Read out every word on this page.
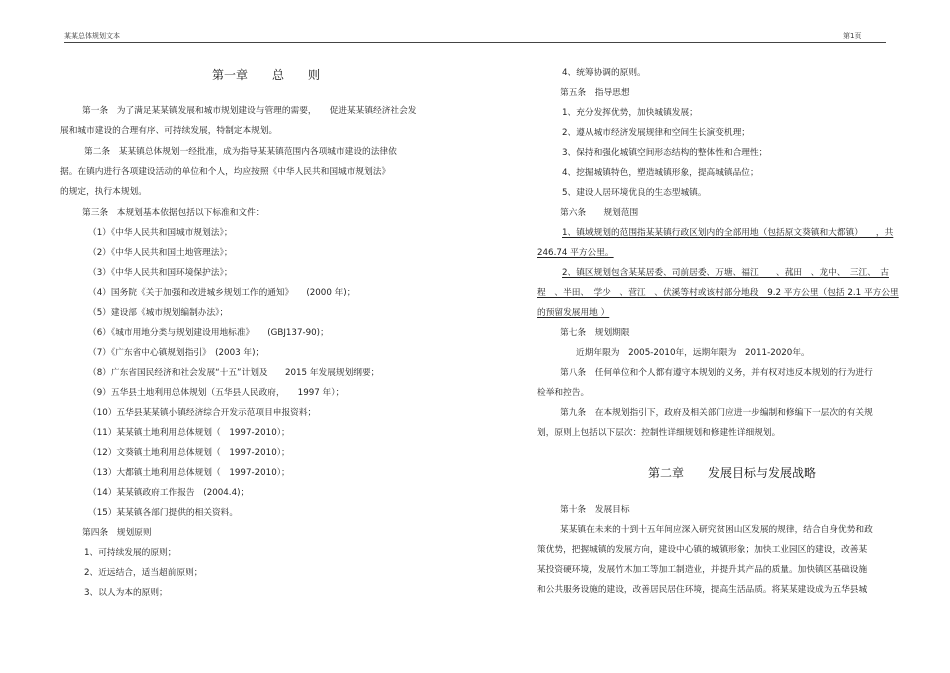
某某总体规划文本	第1页
第一章　　总　　则
第一条　为了满足某某镇发展和城市规划建设与管理的需要，　　促进某某镇经济社会发
展和城市建设的合理有序、可持续发展，特制定本规划。
第二条　某某镇总体规划一经批准，成为指导某某镇范围内各项城市建设的法律依
据。在镇内进行各项建设活动的单位和个人，均应按照《中华人民共和国城市规划法》
的规定，执行本规划。
第三条　本规划基本依据包括以下标准和文件：
（1）《中华人民共和国城市规划法》；
（2）《中华人民共和国土地管理法》；
（3）《中华人民共和国环境保护法》；
（4）国务院《关于加强和改进城乡规划工作的通知》　　(2000 年)；
（5）建设部《城市规划编制办法》；
（6）《城市用地分类与规划建设用地标准》　　(GBJ137-90)；
（7）《广东省中心镇规划指引》　(2003 年)；
（8）广东省国民经济和社会发展“十五”计划及　　2015 年发展规划纲要；
（9）五华县土地利用总体规划（五华县人民政府，　　1997 年）；
（10）五华县某某镇小镇经济综合开发示范项目申报资料；
（11）某某镇土地利用总体规划（　1997-2010）；
（12）文葵镇土地利用总体规划（　1997-2010）；
（13）大都镇土地利用总体规划（　1997-2010）；
（14）某某镇政府工作报告　(2004.4)；
（15）某某镇各部门提供的相关资料。
第四条　规划原则
1、可持续发展的原则；
2、近远结合，适当超前原则；
3、以人为本的原则；
4、统筹协调的原则。
第五条　指导思想
1、充分发挥优势，加快城镇发展；
2、遵从城市经济发展规律和空间生长演变机理；
3、保持和强化城镇空间形态结构的整体性和合理性；
4、挖掘城镇特色，塑造城镇形象，提高城镇品位；
5、建设人居环境优良的生态型城镇。
第六条　　规划范围
1、镇域规划的范围指某某镇行政区划内的全部用地（包括原文葵镇和大都镇）　　，共
246.74 平方公里。
2、镇区规划包含某某居委、司前居委、万塘、福江　　、菰田　、龙中、　三江、　古
程　、半田、　学少　、营江　、伏溪等村或该村部分地段　9.2 平方公里（包括 2.1 平方公里
的预留发展用地 ）
第七条　规划期限
近期年限为　2005-2010年，远期年限为　2011-2020年。
第八条　任何单位和个人都有遵守本规划的义务，并有权对违反本规划的行为进行
检举和控告。
第九条　在本规划指引下，政府及相关部门应进一步编制和修编下一层次的有关规
划，原则上包括以下层次：控制性详细规划和修建性详细规划。
第二章　　发展目标与发展战略
第十条　发展目标
某某镇在未来的十到十五年间应深入研究贫困山区发展的规律，结合自身优势和政
策优势，把握城镇的发展方向，建设中心镇的城镇形象；加快工业园区的建设，改善某
某投资硬环境，发展竹木加工等加工制造业，并提升其产品的质量。加快镇区基础设施
和公共服务设施的建设，改善居民居住环境，提高生活品质。将某某建设成为五华县城
